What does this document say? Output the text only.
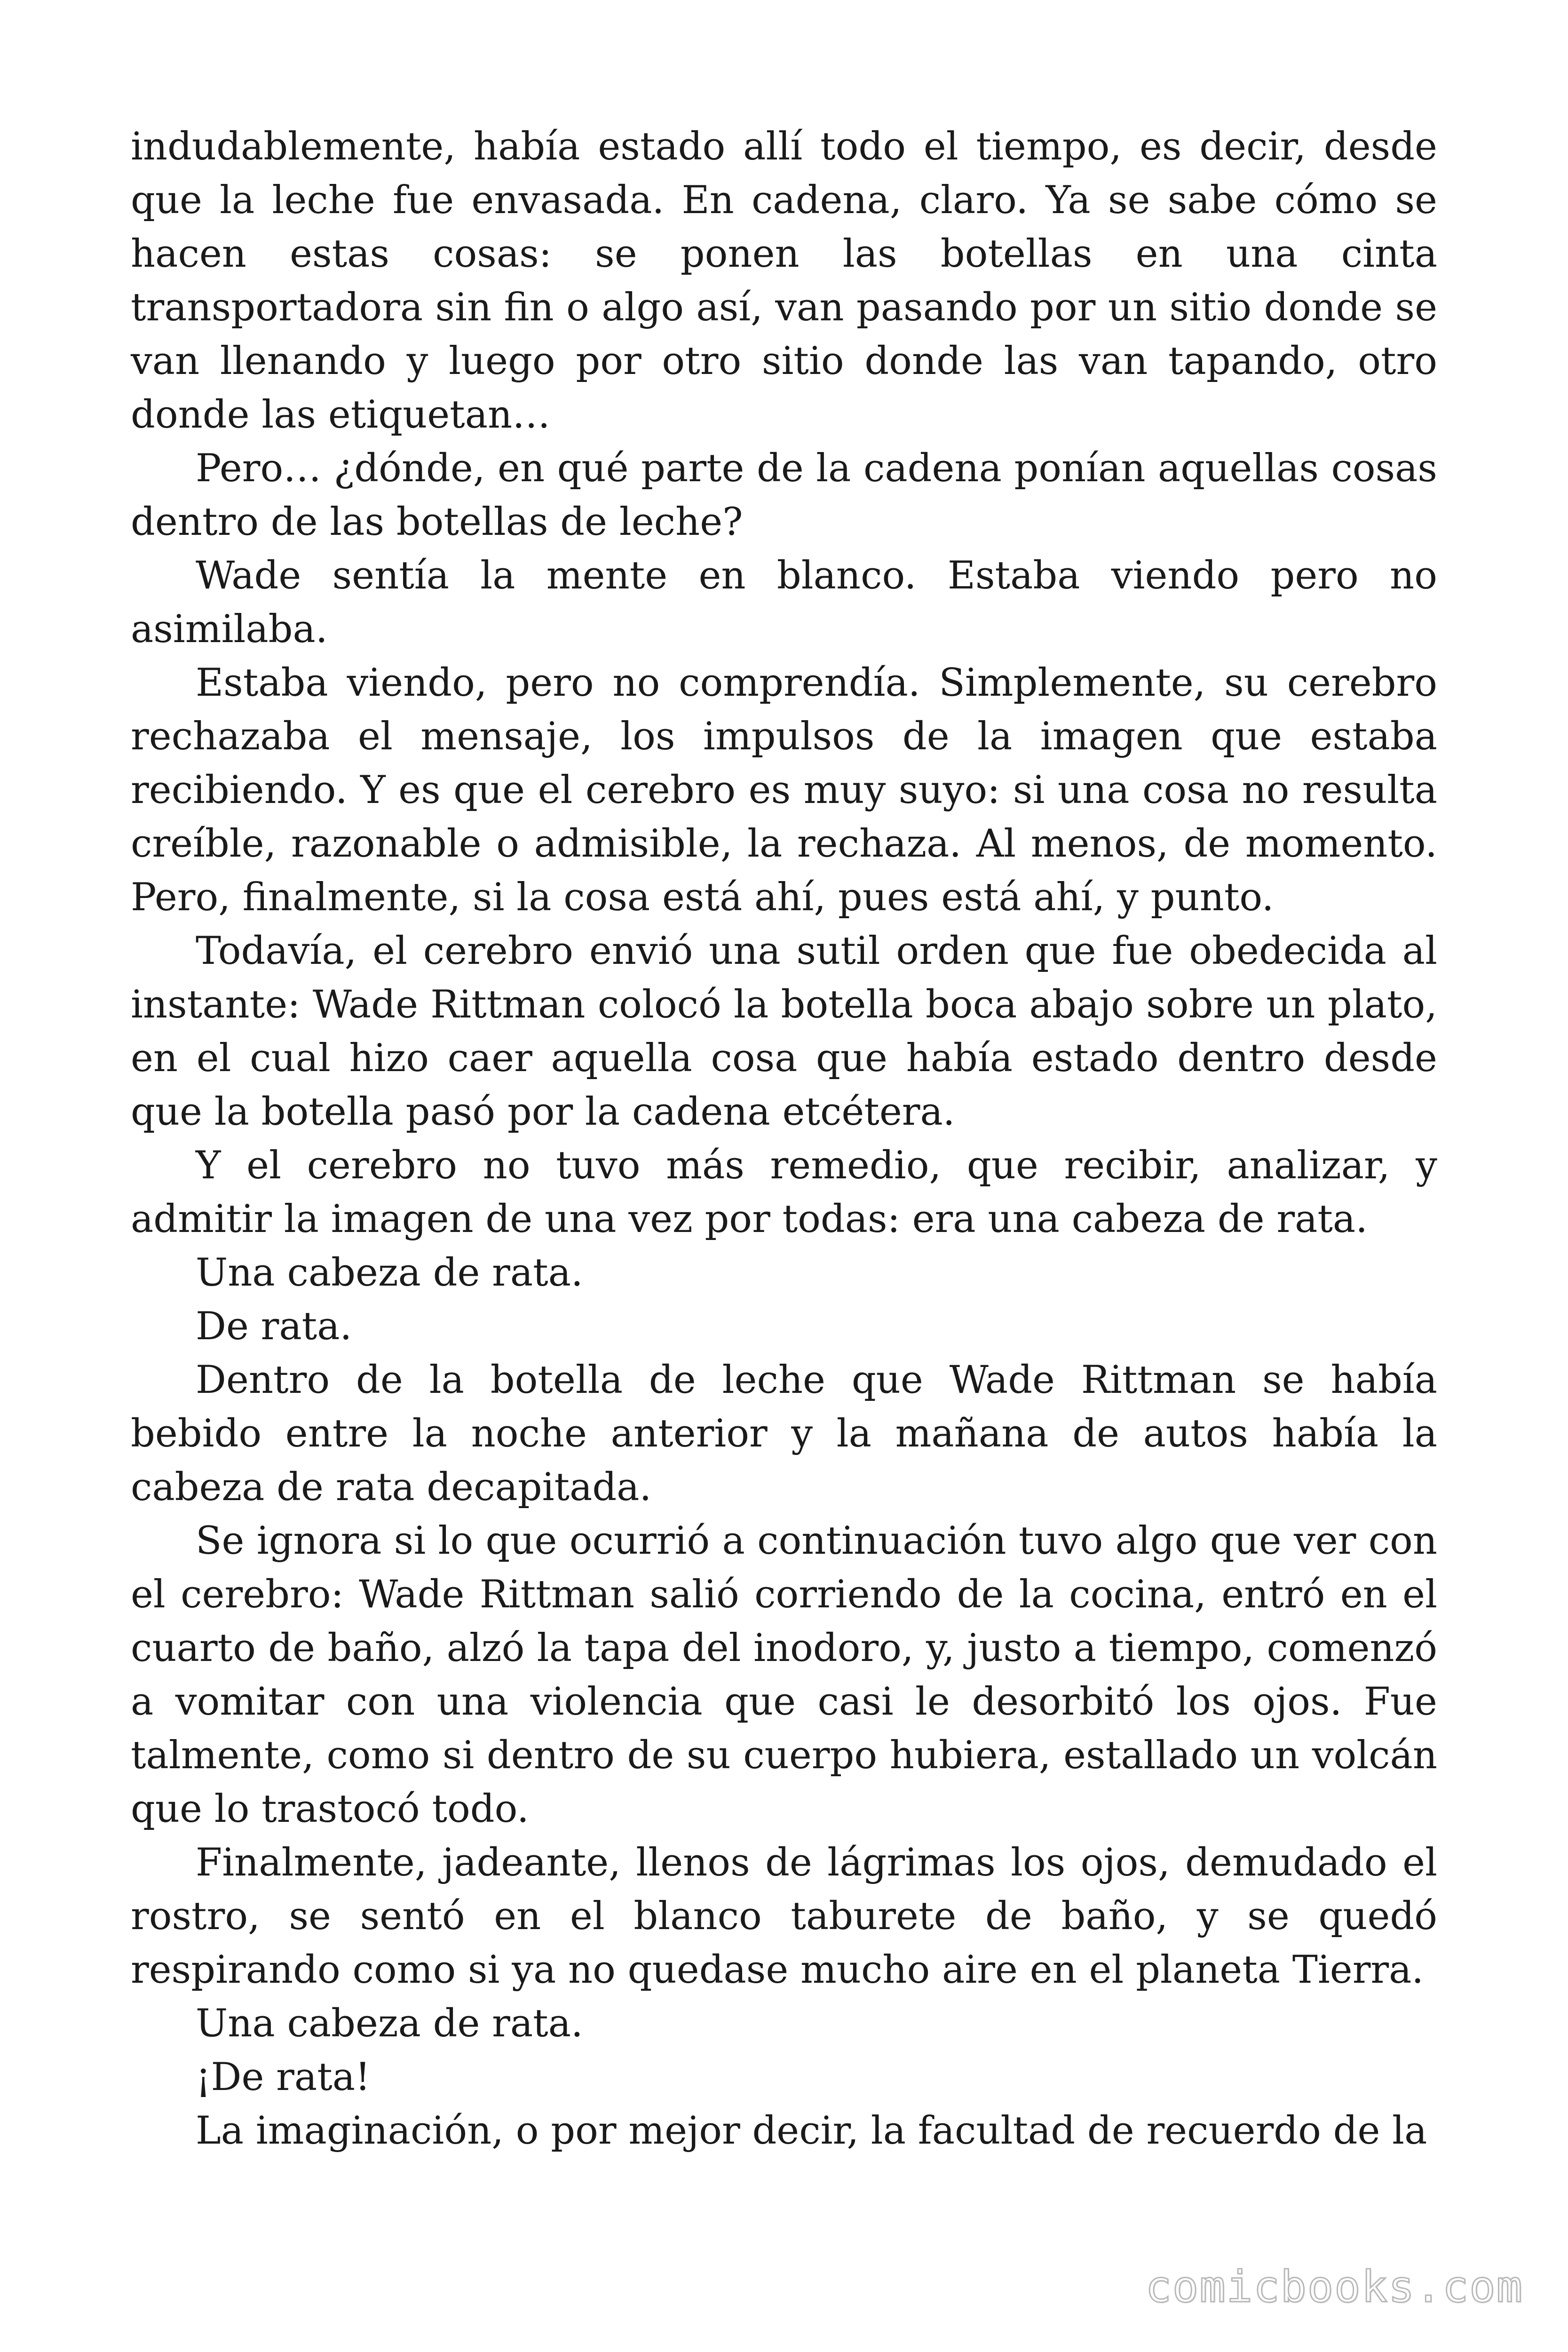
indudablemente, había estado allí todo el tiempo, es decir, desde que la leche fue envasada. En cadena, claro. Ya se sabe cómo se hacen estas cosas: se ponen las botellas en una cinta transportadora sin fin o algo así, van pasando por un sitio donde se van llenando y luego por otro sitio donde las van tapando, otro donde las etiquetan…

Pero… ¿dónde, en qué parte de la cadena ponían aquellas cosas dentro de las botellas de leche?

Wade sentía la mente en blanco. Estaba viendo pero no asimilaba.

Estaba viendo, pero no comprendía. Simplemente, su cerebro rechazaba el mensaje, los impulsos de la imagen que estaba recibiendo. Y es que el cerebro es muy suyo: si una cosa no resulta creíble, razonable o admisible, la rechaza. Al menos, de momento. Pero, finalmente, si la cosa está ahí, pues está ahí, y punto.

Todavía, el cerebro envió una sutil orden que fue obedecida al instante: Wade Rittman colocó la botella boca abajo sobre un plato, en el cual hizo caer aquella cosa que había estado dentro desde que la botella pasó por la cadena etcétera.

Y el cerebro no tuvo más remedio, que recibir, analizar, y admitir la imagen de una vez por todas: era una cabeza de rata.

Una cabeza de rata.

De rata.

Dentro de la botella de leche que Wade Rittman se había bebido entre la noche anterior y la mañana de autos había la cabeza de rata decapitada.

Se ignora si lo que ocurrió a continuación tuvo algo que ver con el cerebro: Wade Rittman salió corriendo de la cocina, entró en el cuarto de baño, alzó la tapa del inodoro, y, justo a tiempo, comenzó a vomitar con una violencia que casi le desorbitó los ojos. Fue talmente, como si dentro de su cuerpo hubiera, estallado un volcán que lo trastocó todo.

Finalmente, jadeante, llenos de lágrimas los ojos, demudado el rostro, se sentó en el blanco taburete de baño, y se quedó respirando como si ya no quedase mucho aire en el planeta Tierra.

Una cabeza de rata.

¡De rata!

La imaginación, o por mejor decir, la facultad de recuerdo de la

comicbooks.com
